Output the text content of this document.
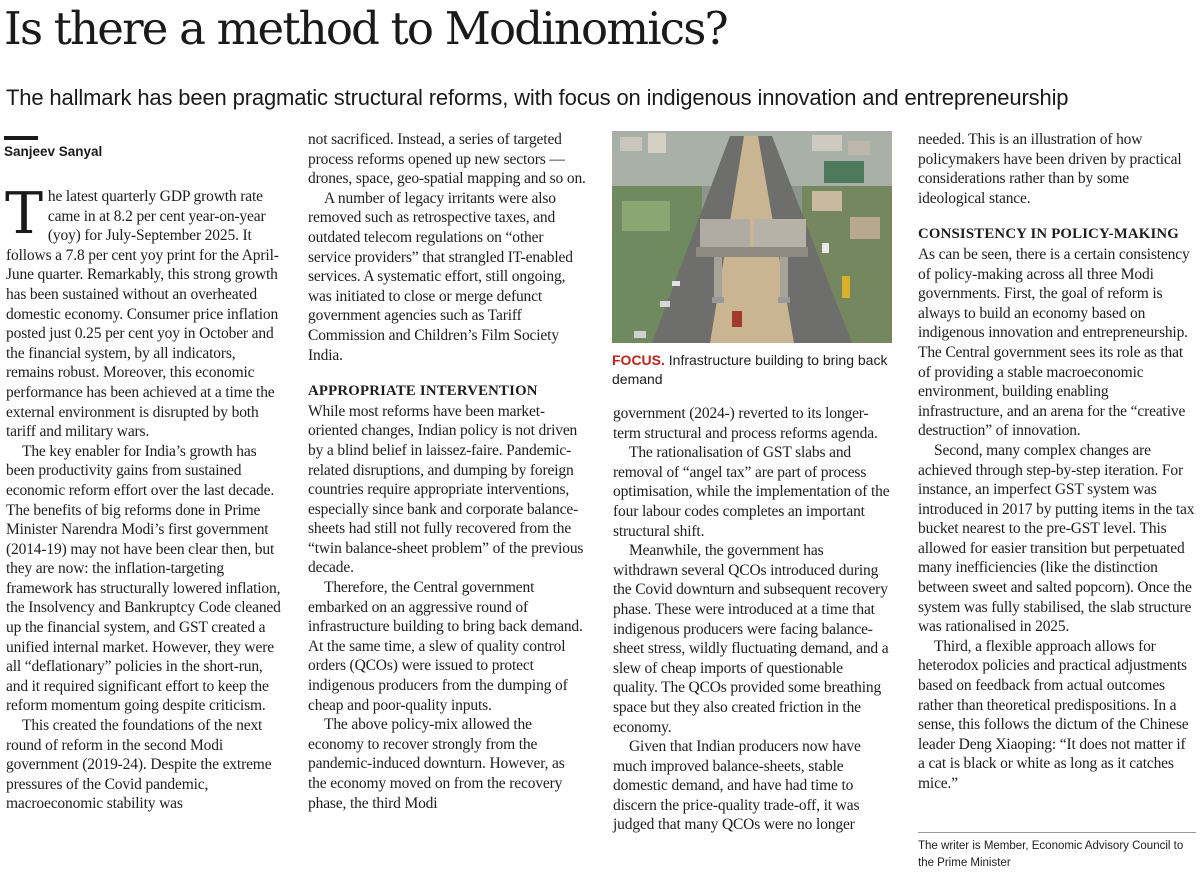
Is there a method to Modinomics?

The hallmark has been pragmatic structural reforms, with focus on indigenous innovation and entrepreneurship

Sanjeev Sanyal
T he latest quarterly GDP growth rate came in at 8.2 per cent year-on-year (yoy) for July-September 2025. It follows a 7.8 per cent yoy print for the April-June quarter. Remarkably, this strong growth has been sustained without an overheated domestic economy. Consumer price inflation posted just 0.25 per cent yoy in October and the financial system, by all indicators, remains robust. Moreover, this economic performance has been achieved at a time the external environment is disrupted by both tariff and military wars.

The key enabler for India’s growth has been productivity gains from sustained economic reform effort over the last decade. The benefits of big reforms done in Prime Minister Narendra Modi’s first government (2014-19) may not have been clear then, but they are now: the inflation-targeting framework has structurally lowered inflation, the Insolvency and Bankruptcy Code cleaned up the financial system, and GST created a unified internal market. However, they were all “deflationary” policies in the short-run, and it required significant effort to keep the reform momentum going despite criticism.

This created the foundations of the next round of reform in the second Modi government (2019-24). Despite the extreme pressures of the Covid pandemic, macroeconomic stability was

not sacrificed. Instead, a series of targeted process reforms opened up new sectors — drones, space, geo-spatial mapping and so on.

A number of legacy irritants were also removed such as retrospective taxes, and outdated telecom regulations on “other service providers” that strangled IT-enabled services. A systematic effort, still ongoing, was initiated to close or merge defunct government agencies such as Tariff Commission and Children’s Film Society India.

APPROPRIATE INTERVENTION

While most reforms have been market-oriented changes, Indian policy is not driven by a blind belief in laissez-faire. Pandemic-related disruptions, and dumping by foreign countries require appropriate interventions, especially since bank and corporate balance-sheets had still not fully recovered from the “twin balance-sheet problem” of the previous decade.

Therefore, the Central government embarked on an aggressive round of infrastructure building to bring back demand. At the same time, a slew of quality control orders (QCOs) were issued to protect indigenous producers from the dumping of cheap and poor-quality inputs.

The above policy-mix allowed the economy to recover strongly from the pandemic-induced downturn. However, as the economy moved on from the recovery phase, the third Modi

FOCUS. Infrastructure building to bring back demand

government (2024-) reverted to its longer-term structural and process reforms agenda.

The rationalisation of GST slabs and removal of “angel tax” are part of process optimisation, while the implementation of the four labour codes completes an important structural shift.

Meanwhile, the government has withdrawn several QCOs introduced during the Covid downturn and subsequent recovery phase. These were introduced at a time that indigenous producers were facing balance-sheet stress, wildly fluctuating demand, and a slew of cheap imports of questionable quality. The QCOs provided some breathing space but they also created friction in the economy.

Given that Indian producers now have much improved balance-sheets, stable domestic demand, and have had time to discern the price-quality trade-off, it was judged that many QCOs were no longer

needed. This is an illustration of how policymakers have been driven by practical considerations rather than by some ideological stance.

CONSISTENCY IN POLICY-MAKING

As can be seen, there is a certain consistency of policy-making across all three Modi governments. First, the goal of reform is always to build an economy based on indigenous innovation and entrepreneurship. The Central government sees its role as that of providing a stable macroeconomic environment, building enabling infrastructure, and an arena for the “creative destruction” of innovation.

Second, many complex changes are achieved through step-by-step iteration. For instance, an imperfect GST system was introduced in 2017 by putting items in the tax bucket nearest to the pre-GST level. This allowed for easier transition but perpetuated many inefficiencies (like the distinction between sweet and salted popcorn). Once the system was fully stabilised, the slab structure was rationalised in 2025.

Third, a flexible approach allows for heterodox policies and practical adjustments based on feedback from actual outcomes rather than theoretical predispositions. In a sense, this follows the dictum of the Chinese leader Deng Xiaoping: “It does not matter if a cat is black or white as long as it catches mice.”

The writer is Member, Economic Advisory Council to the Prime Minister
